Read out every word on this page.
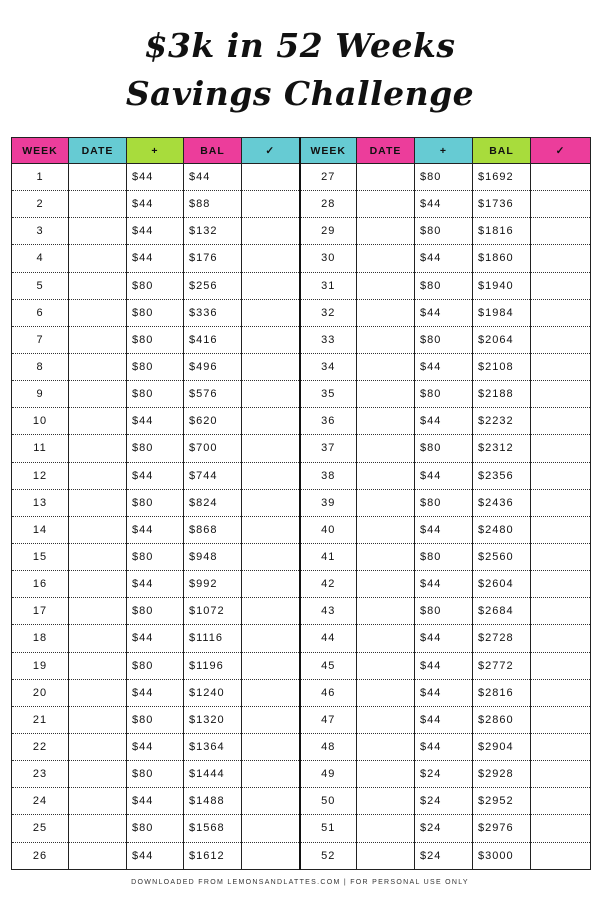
$3k in 52 Weeks
Savings Challenge
WEEK	DATE	+	BAL	✓	WEEK	DATE	+	BAL	✓
1		$44	$44		27		$80	$1692	
2		$44	$88		28		$44	$1736	
3		$44	$132		29		$80	$1816	
4		$44	$176		30		$44	$1860	
5		$80	$256		31		$80	$1940	
6		$80	$336		32		$44	$1984	
7		$80	$416		33		$80	$2064	
8		$80	$496		34		$44	$2108	
9		$80	$576		35		$80	$2188	
10		$44	$620		36		$44	$2232	
11		$80	$700		37		$80	$2312	
12		$44	$744		38		$44	$2356	
13		$80	$824		39		$80	$2436	
14		$44	$868		40		$44	$2480	
15		$80	$948		41		$80	$2560	
16		$44	$992		42		$44	$2604	
17		$80	$1072		43		$80	$2684	
18		$44	$1116		44		$44	$2728	
19		$80	$1196		45		$44	$2772	
20		$44	$1240		46		$44	$2816	
21		$80	$1320		47		$44	$2860	
22		$44	$1364		48		$44	$2904	
23		$80	$1444		49		$24	$2928	
24		$44	$1488		50		$24	$2952	
25		$80	$1568		51		$24	$2976	
26		$44	$1612		52		$24	$3000	
DOWNLOADED FROM LEMONSANDLATTES.COM | FOR PERSONAL USE ONLY
